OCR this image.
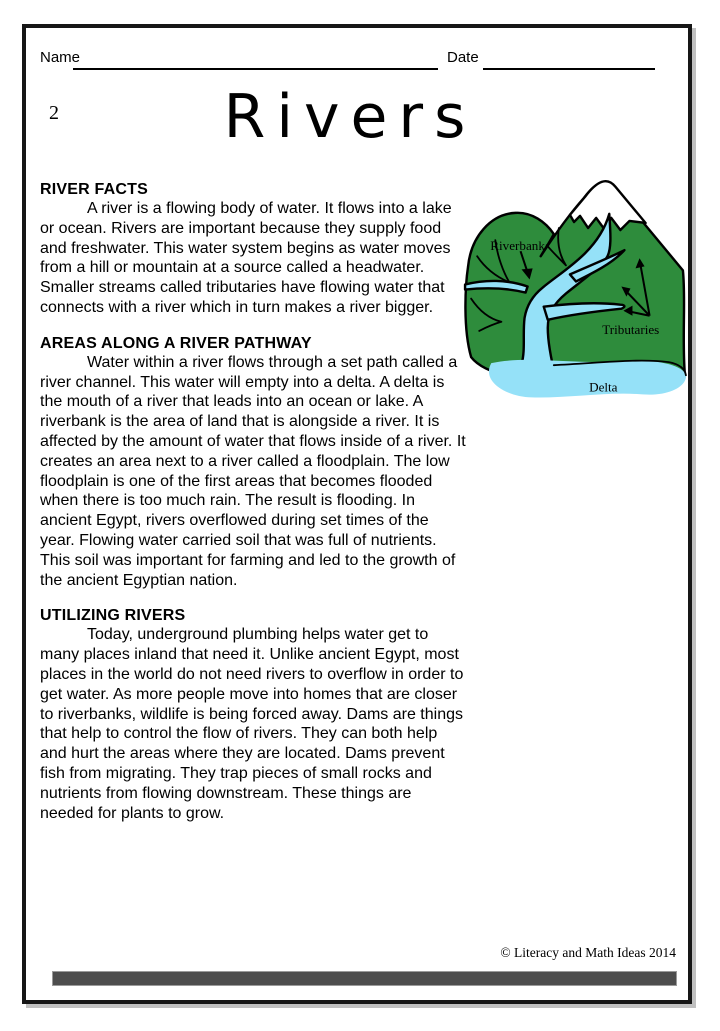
Name	Date
2	Rivers
RIVER FACTS

A river is a flowing body of water. It flows into a lake or ocean. Rivers are important because they supply food and freshwater. This water system begins as water moves from a hill or mountain at a source called a headwater. Smaller streams called tributaries have flowing water that connects with a river which in turn makes a river bigger.

AREAS ALONG A RIVER PATHWAY

Water within a river flows through a set path called a river channel. This water will empty into a delta. A delta is the mouth of a river that leads into an ocean or lake. A riverbank is the area of land that is alongside a river. It is affected by the amount of water that flows inside of a river. It creates an area next to a river called a floodplain. The low floodplain is one of the first areas that becomes flooded when there is too much rain. The result is flooding. In ancient Egypt, rivers overflowed during set times of the year. Flowing water carried soil that was full of nutrients. This soil was important for farming and led to the growth of the ancient Egyptian nation.

UTILIZING RIVERS

Today, underground plumbing helps water get to many places inland that need it. Unlike ancient Egypt, most places in the world do not need rivers to overflow in order to get water. As more people move into homes that are closer to riverbanks, wildlife is being forced away. Dams are things that help to control the flow of rivers. They can both help and hurt the areas where they are located. Dams prevent fish from migrating. They trap pieces of small rocks and nutrients from flowing downstream. These things are needed for plants to grow.

Riverbank
Tributaries
Delta
© Literacy and Math Ideas 2014
